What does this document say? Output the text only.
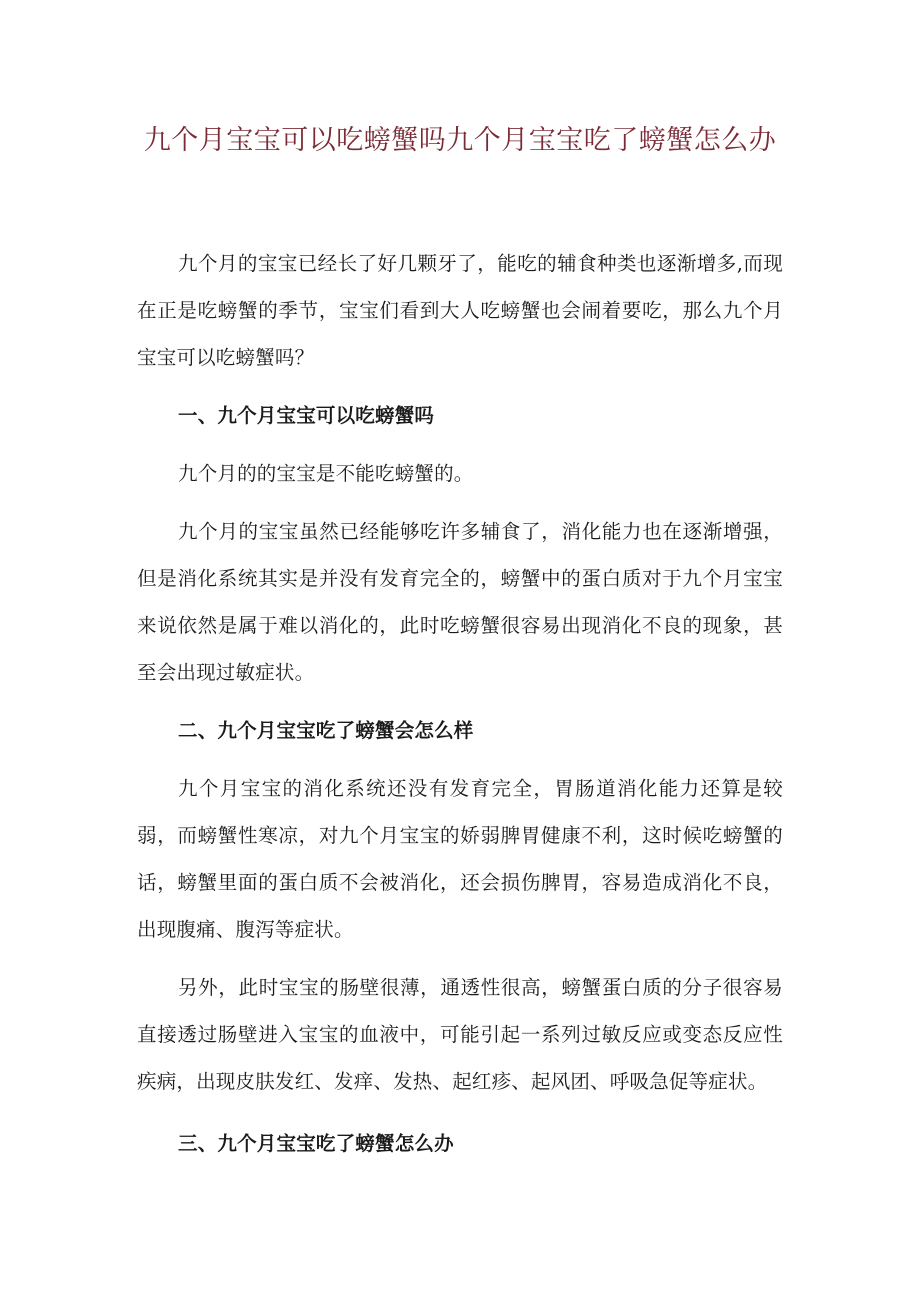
九个月宝宝可以吃螃蟹吗九个月宝宝吃了螃蟹怎么办

九个月的宝宝已经长了好几颗牙了，能吃的辅食种类也逐渐增多,而现在正是吃螃蟹的季节，宝宝们看到大人吃螃蟹也会闹着要吃，那么九个月宝宝可以吃螃蟹吗？

一、九个月宝宝可以吃螃蟹吗

九个月的的宝宝是不能吃螃蟹的。

九个月的宝宝虽然已经能够吃许多辅食了，消化能力也在逐渐增强，但是消化系统其实是并没有发育完全的，螃蟹中的蛋白质对于九个月宝宝来说依然是属于难以消化的，此时吃螃蟹很容易出现消化不良的现象，甚至会出现过敏症状。

二、九个月宝宝吃了螃蟹会怎么样

九个月宝宝的消化系统还没有发育完全，胃肠道消化能力还算是较弱，而螃蟹性寒凉，对九个月宝宝的娇弱脾胃健康不利，这时候吃螃蟹的话，螃蟹里面的蛋白质不会被消化，还会损伤脾胃，容易造成消化不良，出现腹痛、腹泻等症状。

另外，此时宝宝的肠壁很薄，通透性很高，螃蟹蛋白质的分子很容易直接透过肠壁进入宝宝的血液中，可能引起一系列过敏反应或变态反应性疾病，出现皮肤发红、发痒、发热、起红疹、起风团、呼吸急促等症状。

三、九个月宝宝吃了螃蟹怎么办
